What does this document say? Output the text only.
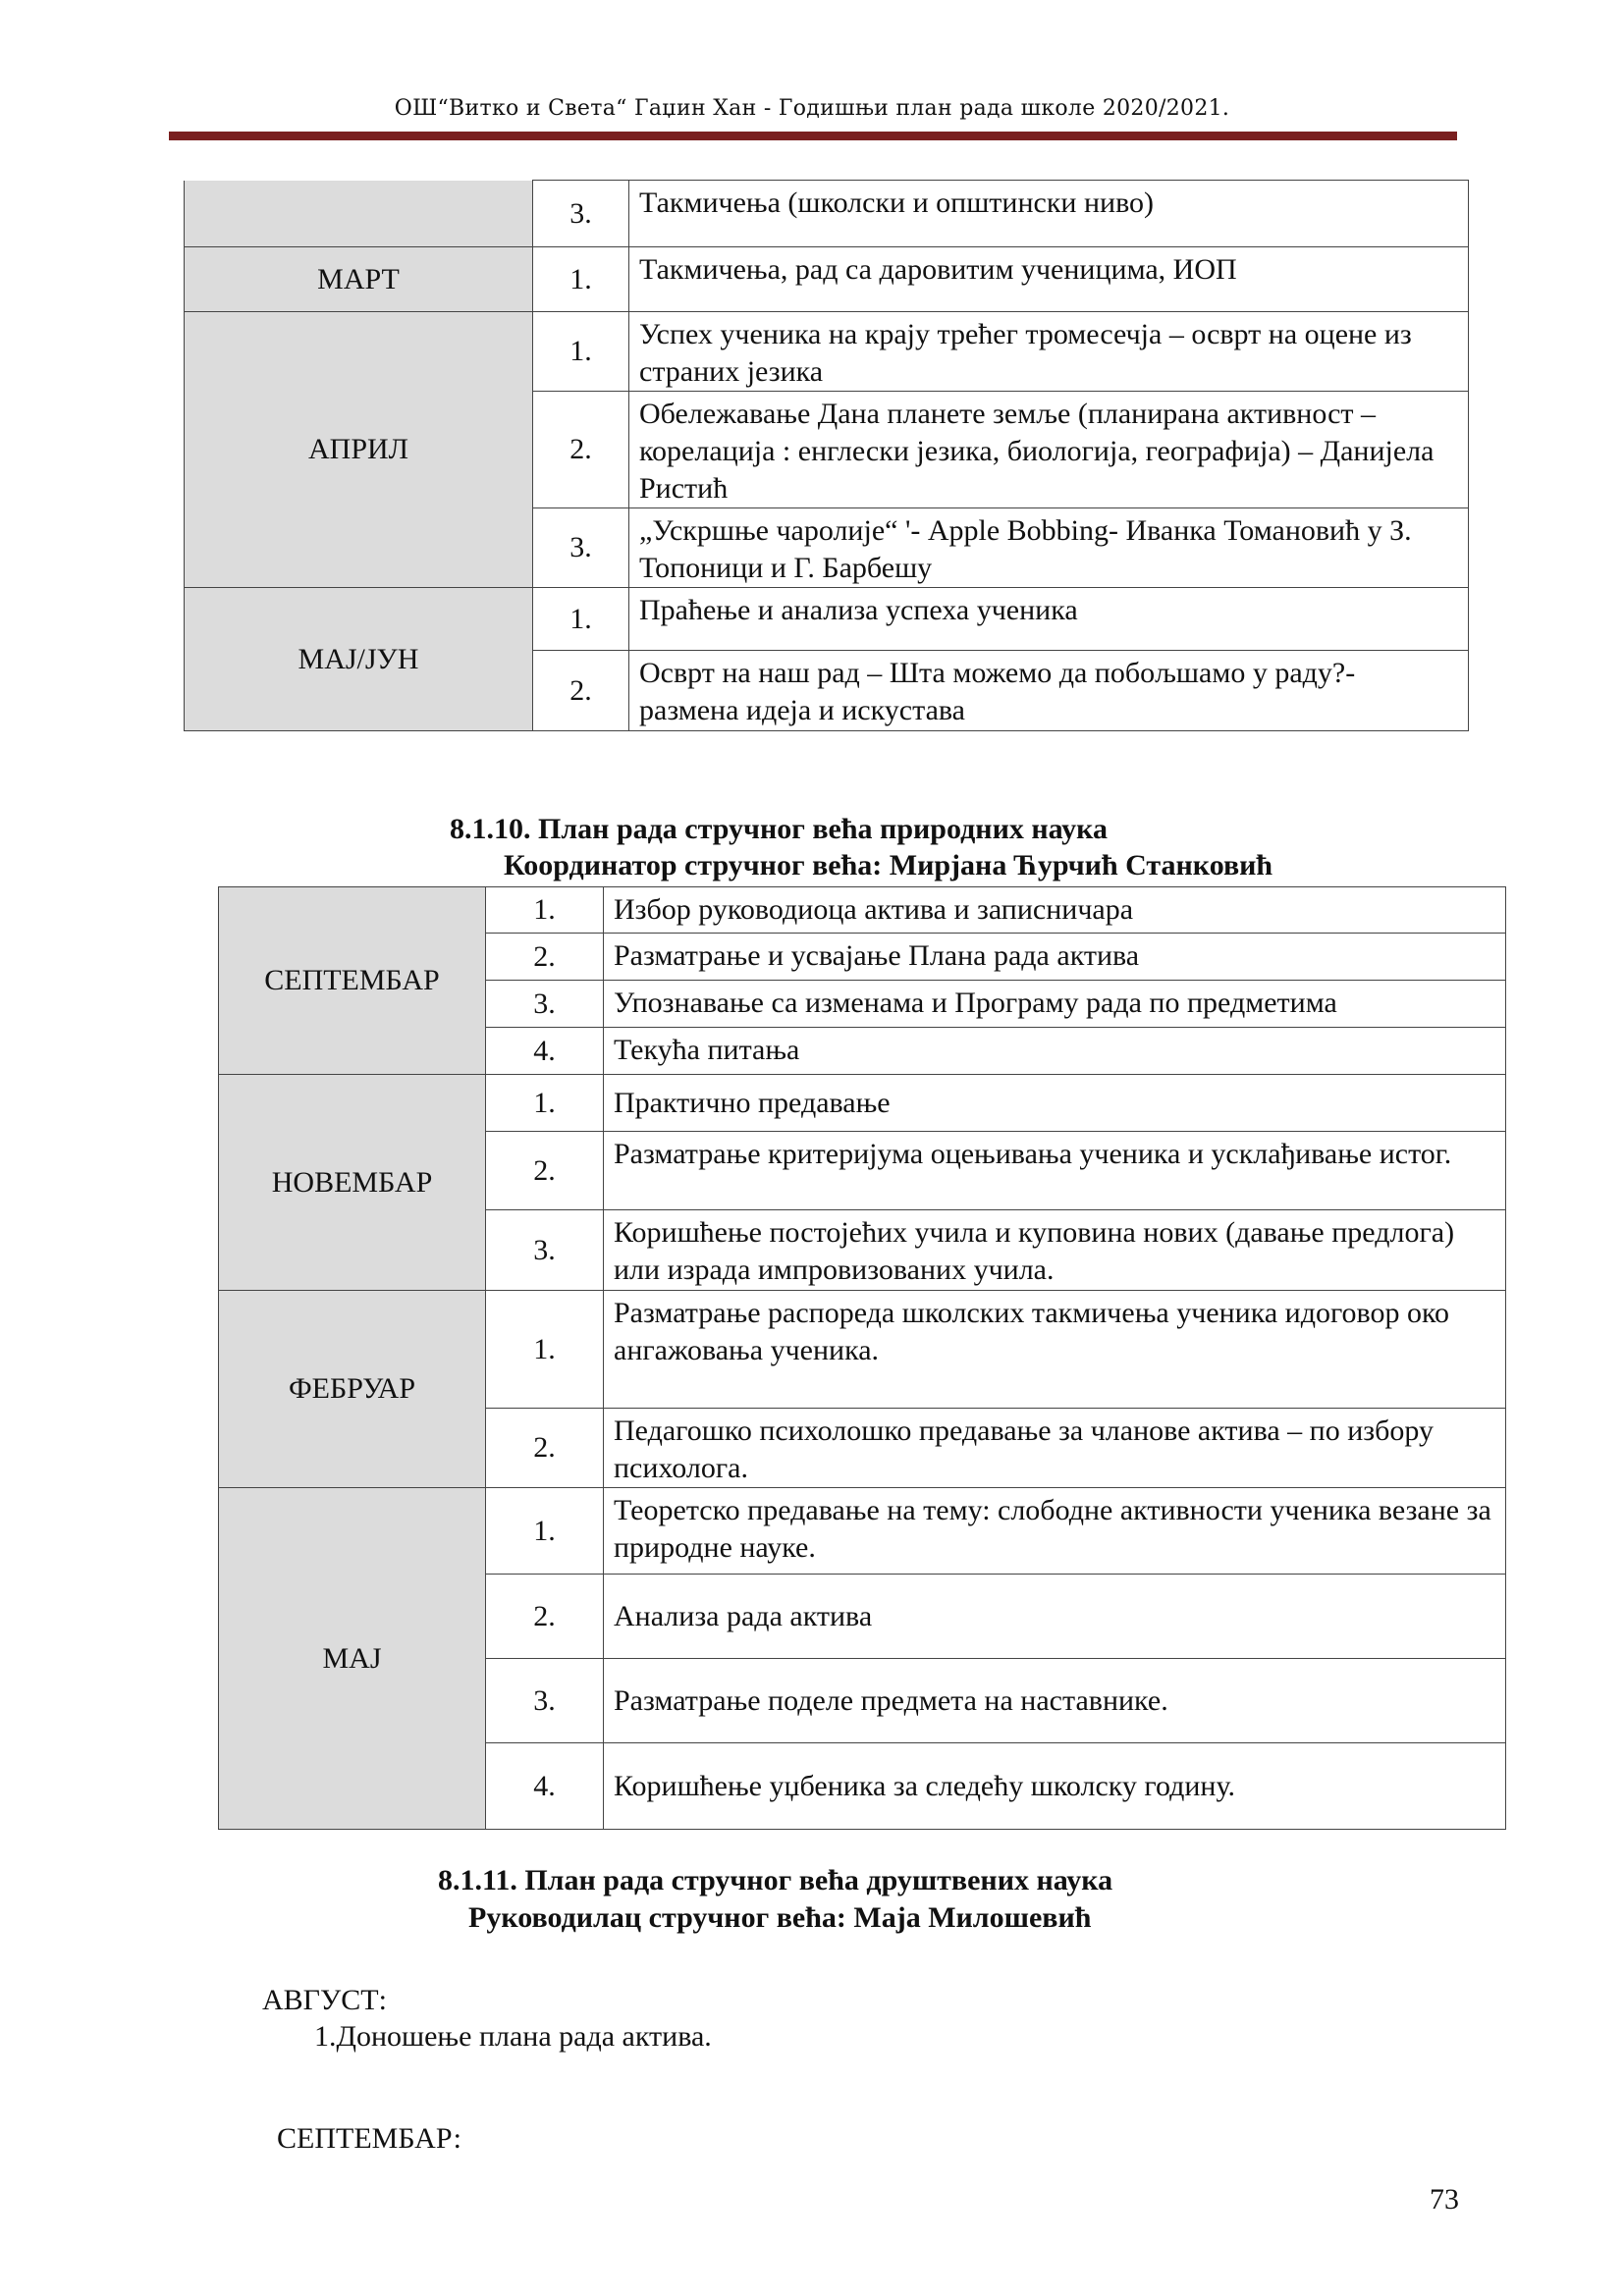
ОШ“Витко и Света“ Гаџин Хан - Годишњи план рада школе 2020/2021.
	3.	Такмичења (школски и општински ниво)
МАРТ	1.	Такмичења, рад са даровитим ученицима, ИОП
АПРИЛ	1.	Успех ученика на крају трећег тромесечја – осврт на оцене из страних језика
	2.	Обележавање Дана планете земље (планирана активност – корелација : енглески језика, биологија, географија) – Данијела Ристић
	3.	„Ускршње чаролије“ '- Apple Bobbing- Иванка Томановић у З. Топоници и Г. Барбешу
МАЈ/ЈУН	1.	Праћење и анализа успеха ученика
	2.	Осврт на наш рад – Шта можемо да побољшамо у раду?- размена идеја и искустава
8.1.10. План рада стручног већа природних наука
Координатор стручног већа: Мирјана Ћурчић Станковић
СЕПТЕМБАР	1.	Избор руководиоца актива и записничара
	2.	Разматрање и усвајање Плана рада актива
	3.	Упознавање са изменама и Програму рада по предметима
	4.	Текућа питања
НОВЕМБАР	1.	Практично предавање
	2.	Разматрање критеријума оцењивања ученика и усклађивање истог.
	3.	Коришћење постојећих учила и куповина нових (давање предлога) или израда импровизованих учила.
ФЕБРУАР	1.	Разматрање распореда школских такмичења ученика идоговор око ангажовања ученика.
	2.	Педагошко психолошко предавање за чланове актива – по избору психолога.
МАЈ	1.	Теоретско предавање на тему: слободне активности ученика везане за природне науке.
	2.	Анализа рада актива
	3.	Разматрање поделе предмета на наставнике.
	4.	Коришћење уџбеника за следећу школску годину.
8.1.11. План рада стручног већа друштвених наука
Руководилац стручног већа: Маја Милошевић
АВГУСТ:
1.Доношење плана рада актива.
СЕПТЕМБАР:
73
